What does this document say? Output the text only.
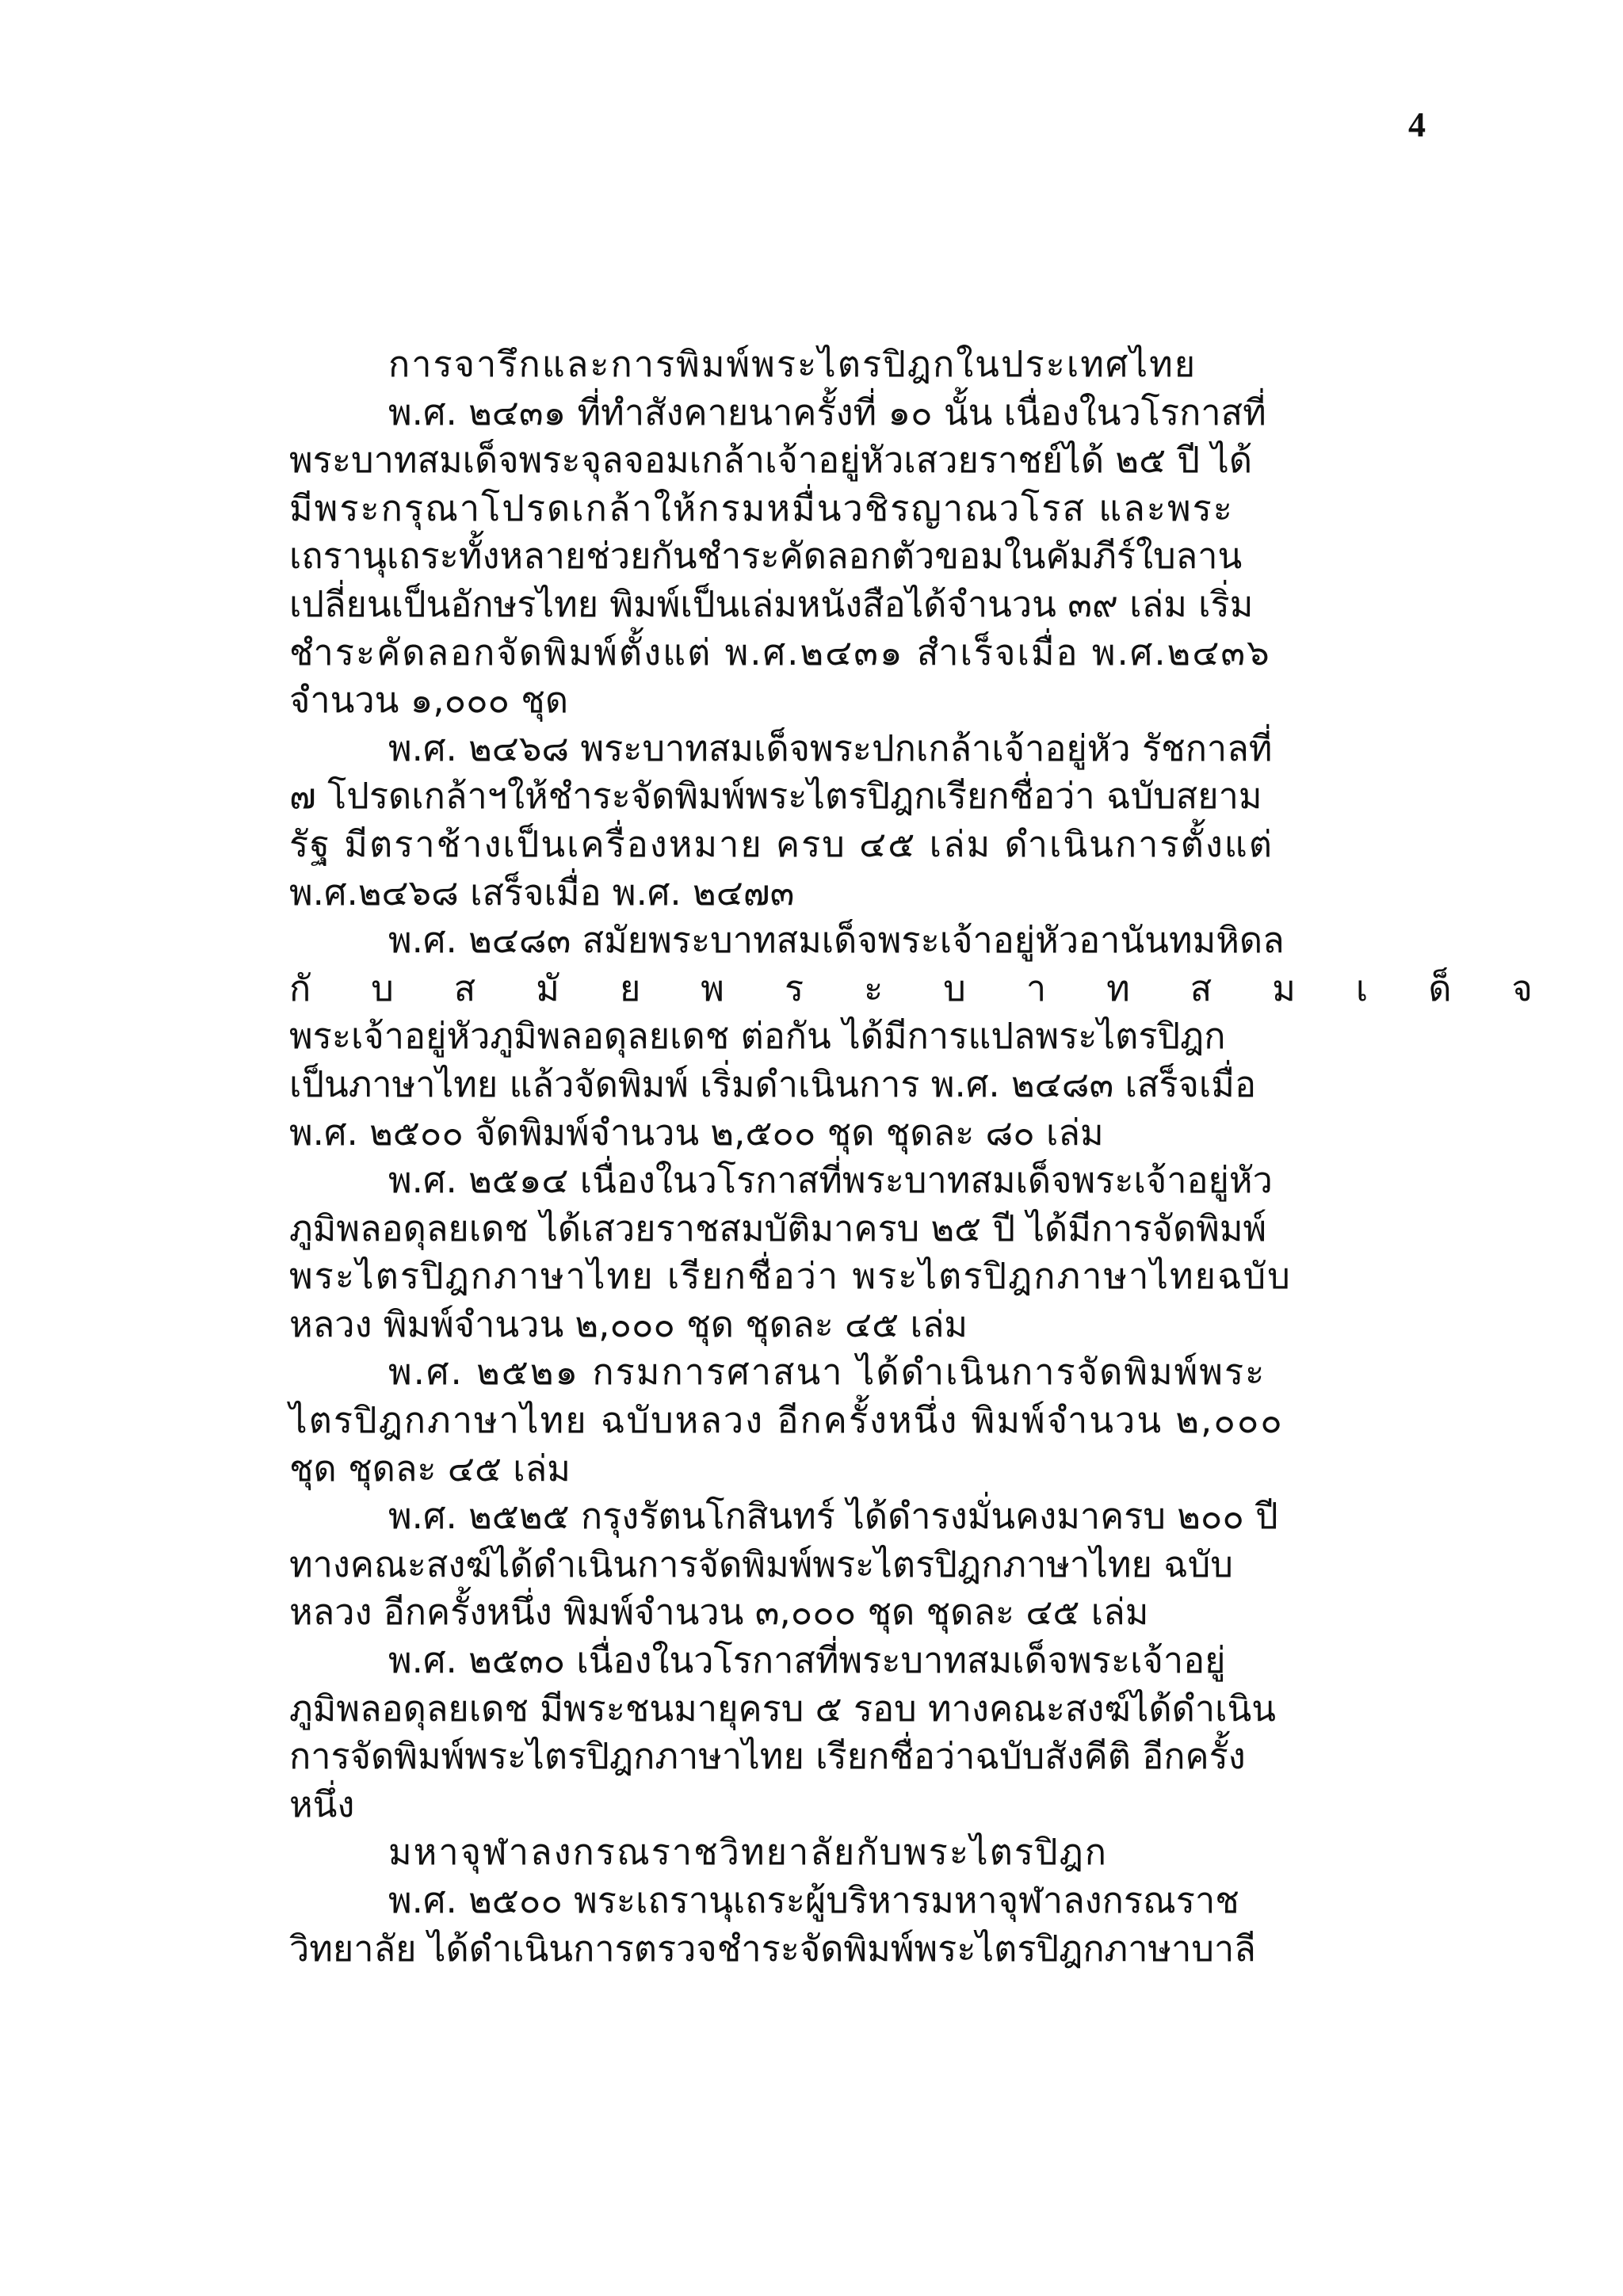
4
การจารึกและการพิมพ์พระไตรปิฎกในประเทศไทย
พ.ศ. ๒๔๓๑ ที่ทำสังคายนาครั้งที่ ๑๐ นั้น เนื่องในวโรกาสที่
พระบาทสมเด็จพระจุลจอมเกล้าเจ้าอยู่หัวเสวยราชย์ได้ ๒๕ ปี ได้
มีพระกรุณาโปรดเกล้าให้กรมหมื่นวชิรญาณวโรส และพระ
เถรานุเถระทั้งหลายช่วยกันชำระคัดลอกตัวขอมในคัมภีร์ใบลาน
เปลี่ยนเป็นอักษรไทย พิมพ์เป็นเล่มหนังสือได้จำนวน ๓๙ เล่ม เริ่ม
ชำระคัดลอกจัดพิมพ์ตั้งแต่ พ.ศ.๒๔๓๑ สำเร็จเมื่อ พ.ศ.๒๔๓๖
จำนวน ๑,๐๐๐ ชุด
พ.ศ. ๒๔๖๘ พระบาทสมเด็จพระปกเกล้าเจ้าอยู่หัว รัชกาลที่
๗ โปรดเกล้าฯให้ชำระจัดพิมพ์พระไตรปิฎกเรียกชื่อว่า ฉบับสยาม
รัฐ มีตราช้างเป็นเครื่องหมาย ครบ ๔๕ เล่ม ดำเนินการตั้งแต่
พ.ศ.๒๔๖๘ เสร็จเมื่อ พ.ศ. ๒๔๗๓
พ.ศ. ๒๔๘๓ สมัยพระบาทสมเด็จพระเจ้าอยู่หัวอานันทมหิดล
กับสมัยพระบาทสมเด็จ
พระเจ้าอยู่หัวภูมิพลอดุลยเดช ต่อกัน ได้มีการแปลพระไตรปิฎก
เป็นภาษาไทย แล้วจัดพิมพ์ เริ่มดำเนินการ พ.ศ. ๒๔๘๓ เสร็จเมื่อ
พ.ศ. ๒๕๐๐ จัดพิมพ์จำนวน ๒,๕๐๐ ชุด ชุดละ ๘๐ เล่ม
พ.ศ. ๒๕๑๔ เนื่องในวโรกาสที่พระบาทสมเด็จพระเจ้าอยู่หัว
ภูมิพลอดุลยเดช ได้เสวยราชสมบัติมาครบ ๒๕ ปี ได้มีการจัดพิมพ์
พระไตรปิฎกภาษาไทย เรียกชื่อว่า พระไตรปิฎกภาษาไทยฉบับ
หลวง พิมพ์จำนวน ๒,๐๐๐ ชุด ชุดละ ๔๕ เล่ม
พ.ศ. ๒๕๒๑ กรมการศาสนา ได้ดำเนินการจัดพิมพ์พระ
ไตรปิฎกภาษาไทย ฉบับหลวง อีกครั้งหนึ่ง พิมพ์จำนวน ๒,๐๐๐
ชุด ชุดละ ๔๕ เล่ม
พ.ศ. ๒๕๒๕ กรุงรัตนโกสินทร์ ได้ดำรงมั่นคงมาครบ ๒๐๐ ปี
ทางคณะสงฆ์ได้ดำเนินการจัดพิมพ์พระไตรปิฎกภาษาไทย ฉบับ
หลวง อีกครั้งหนึ่ง พิมพ์จำนวน ๓,๐๐๐ ชุด ชุดละ ๔๕ เล่ม
พ.ศ. ๒๕๓๐ เนื่องในวโรกาสที่พระบาทสมเด็จพระเจ้าอยู่
ภูมิพลอดุลยเดช มีพระชนมายุครบ ๕ รอบ ทางคณะสงฆ์ได้ดำเนิน
การจัดพิมพ์พระไตรปิฎกภาษาไทย เรียกชื่อว่าฉบับสังคีติ อีกครั้ง
หนึ่ง
มหาจุฬาลงกรณราชวิทยาลัยกับพระไตรปิฎก
พ.ศ. ๒๕๐๐ พระเถรานุเถระผู้บริหารมหาจุฬาลงกรณราช
วิทยาลัย ได้ดำเนินการตรวจชำระจัดพิมพ์พระไตรปิฎกภาษาบาลี
